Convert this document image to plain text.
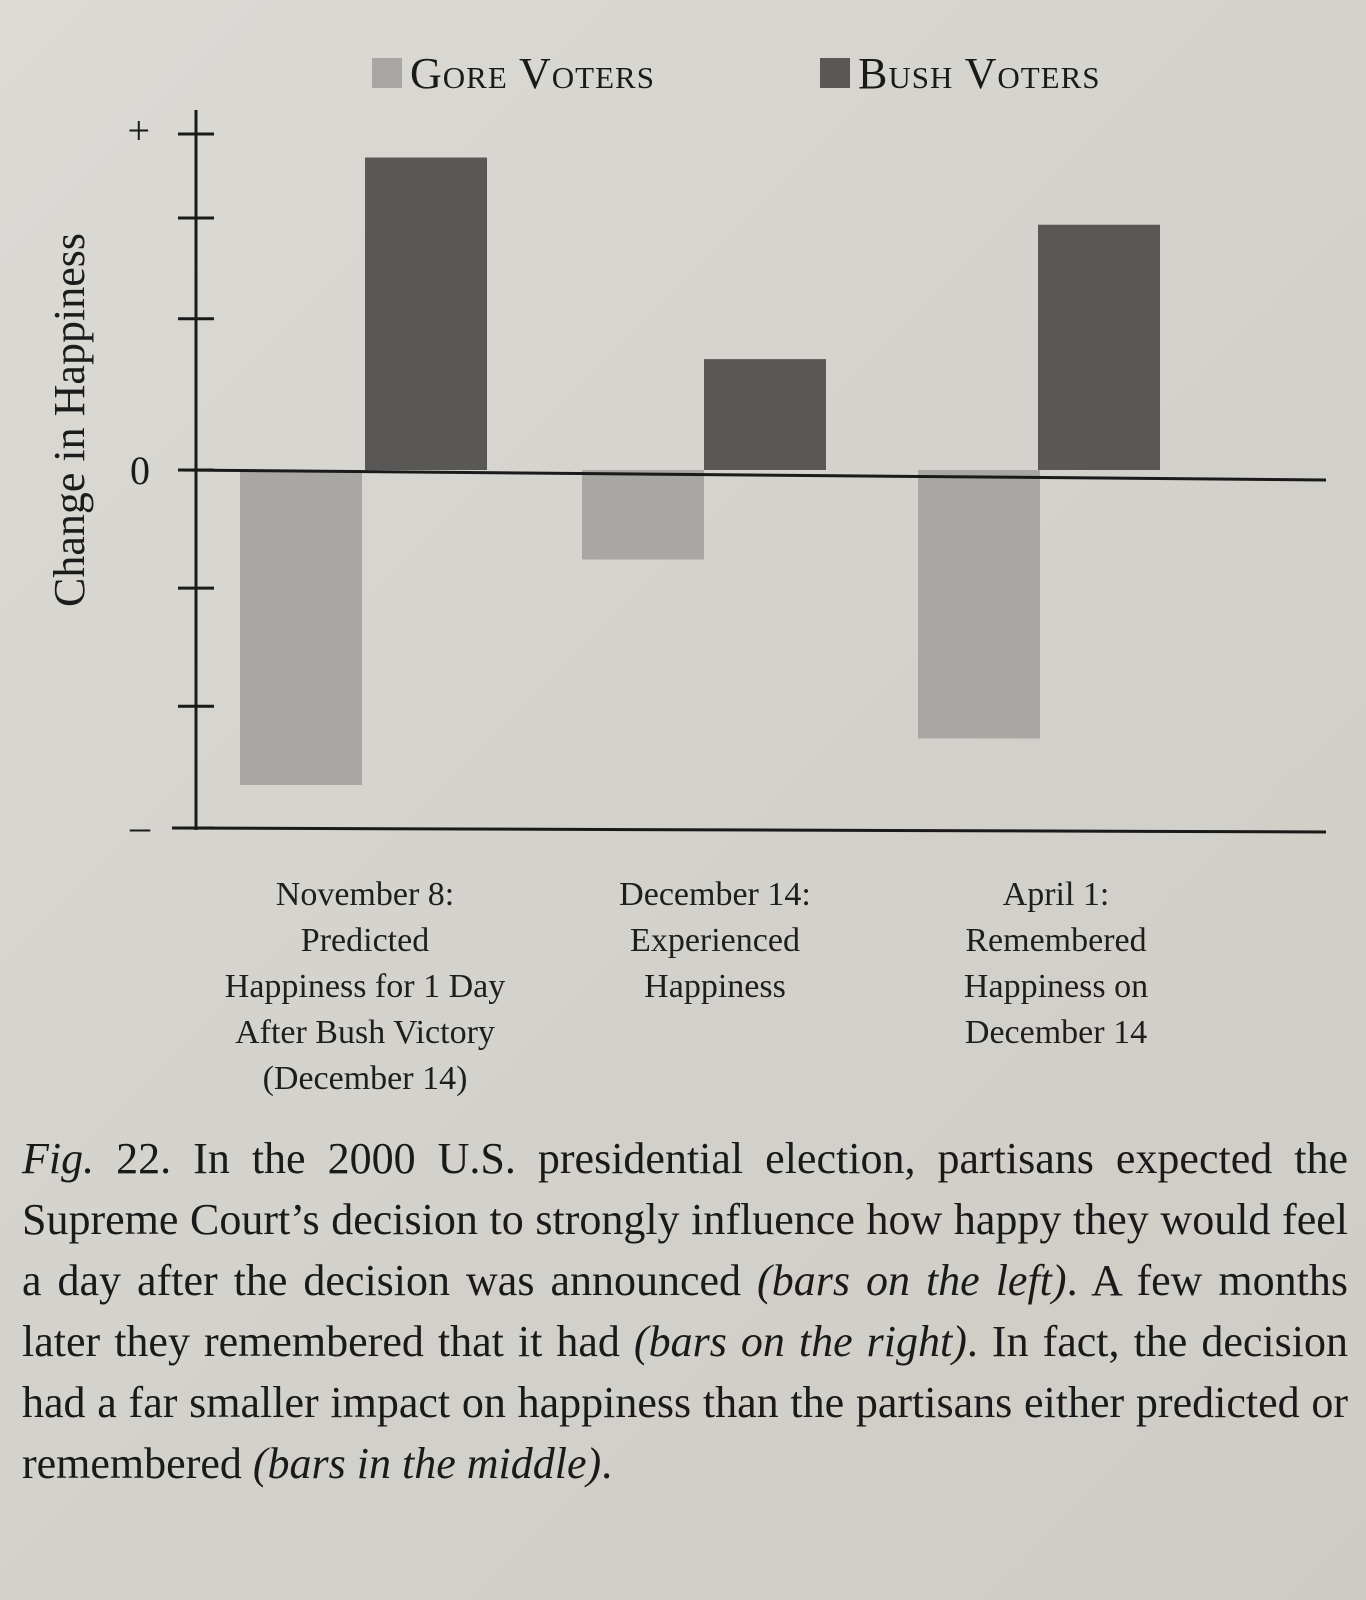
Gore Voters	Bush Voters
+
0
–
Change in Happiness
November 8:
Predicted
Happiness for 1 Day
After Bush Victory
(December 14)
December 14:
Experienced
Happiness
April 1:
Remembered
Happiness on
December 14
Fig. 22. In the 2000 U.S. presidential election, partisans expected the Supreme Court’s decision to strongly influence how happy they would feel a day after the decision was announced (bars on the left). A few months later they remembered that it had (bars on the right). In fact, the decision had a far smaller impact on happiness than the partisans either predicted or remembered (bars in the middle).
